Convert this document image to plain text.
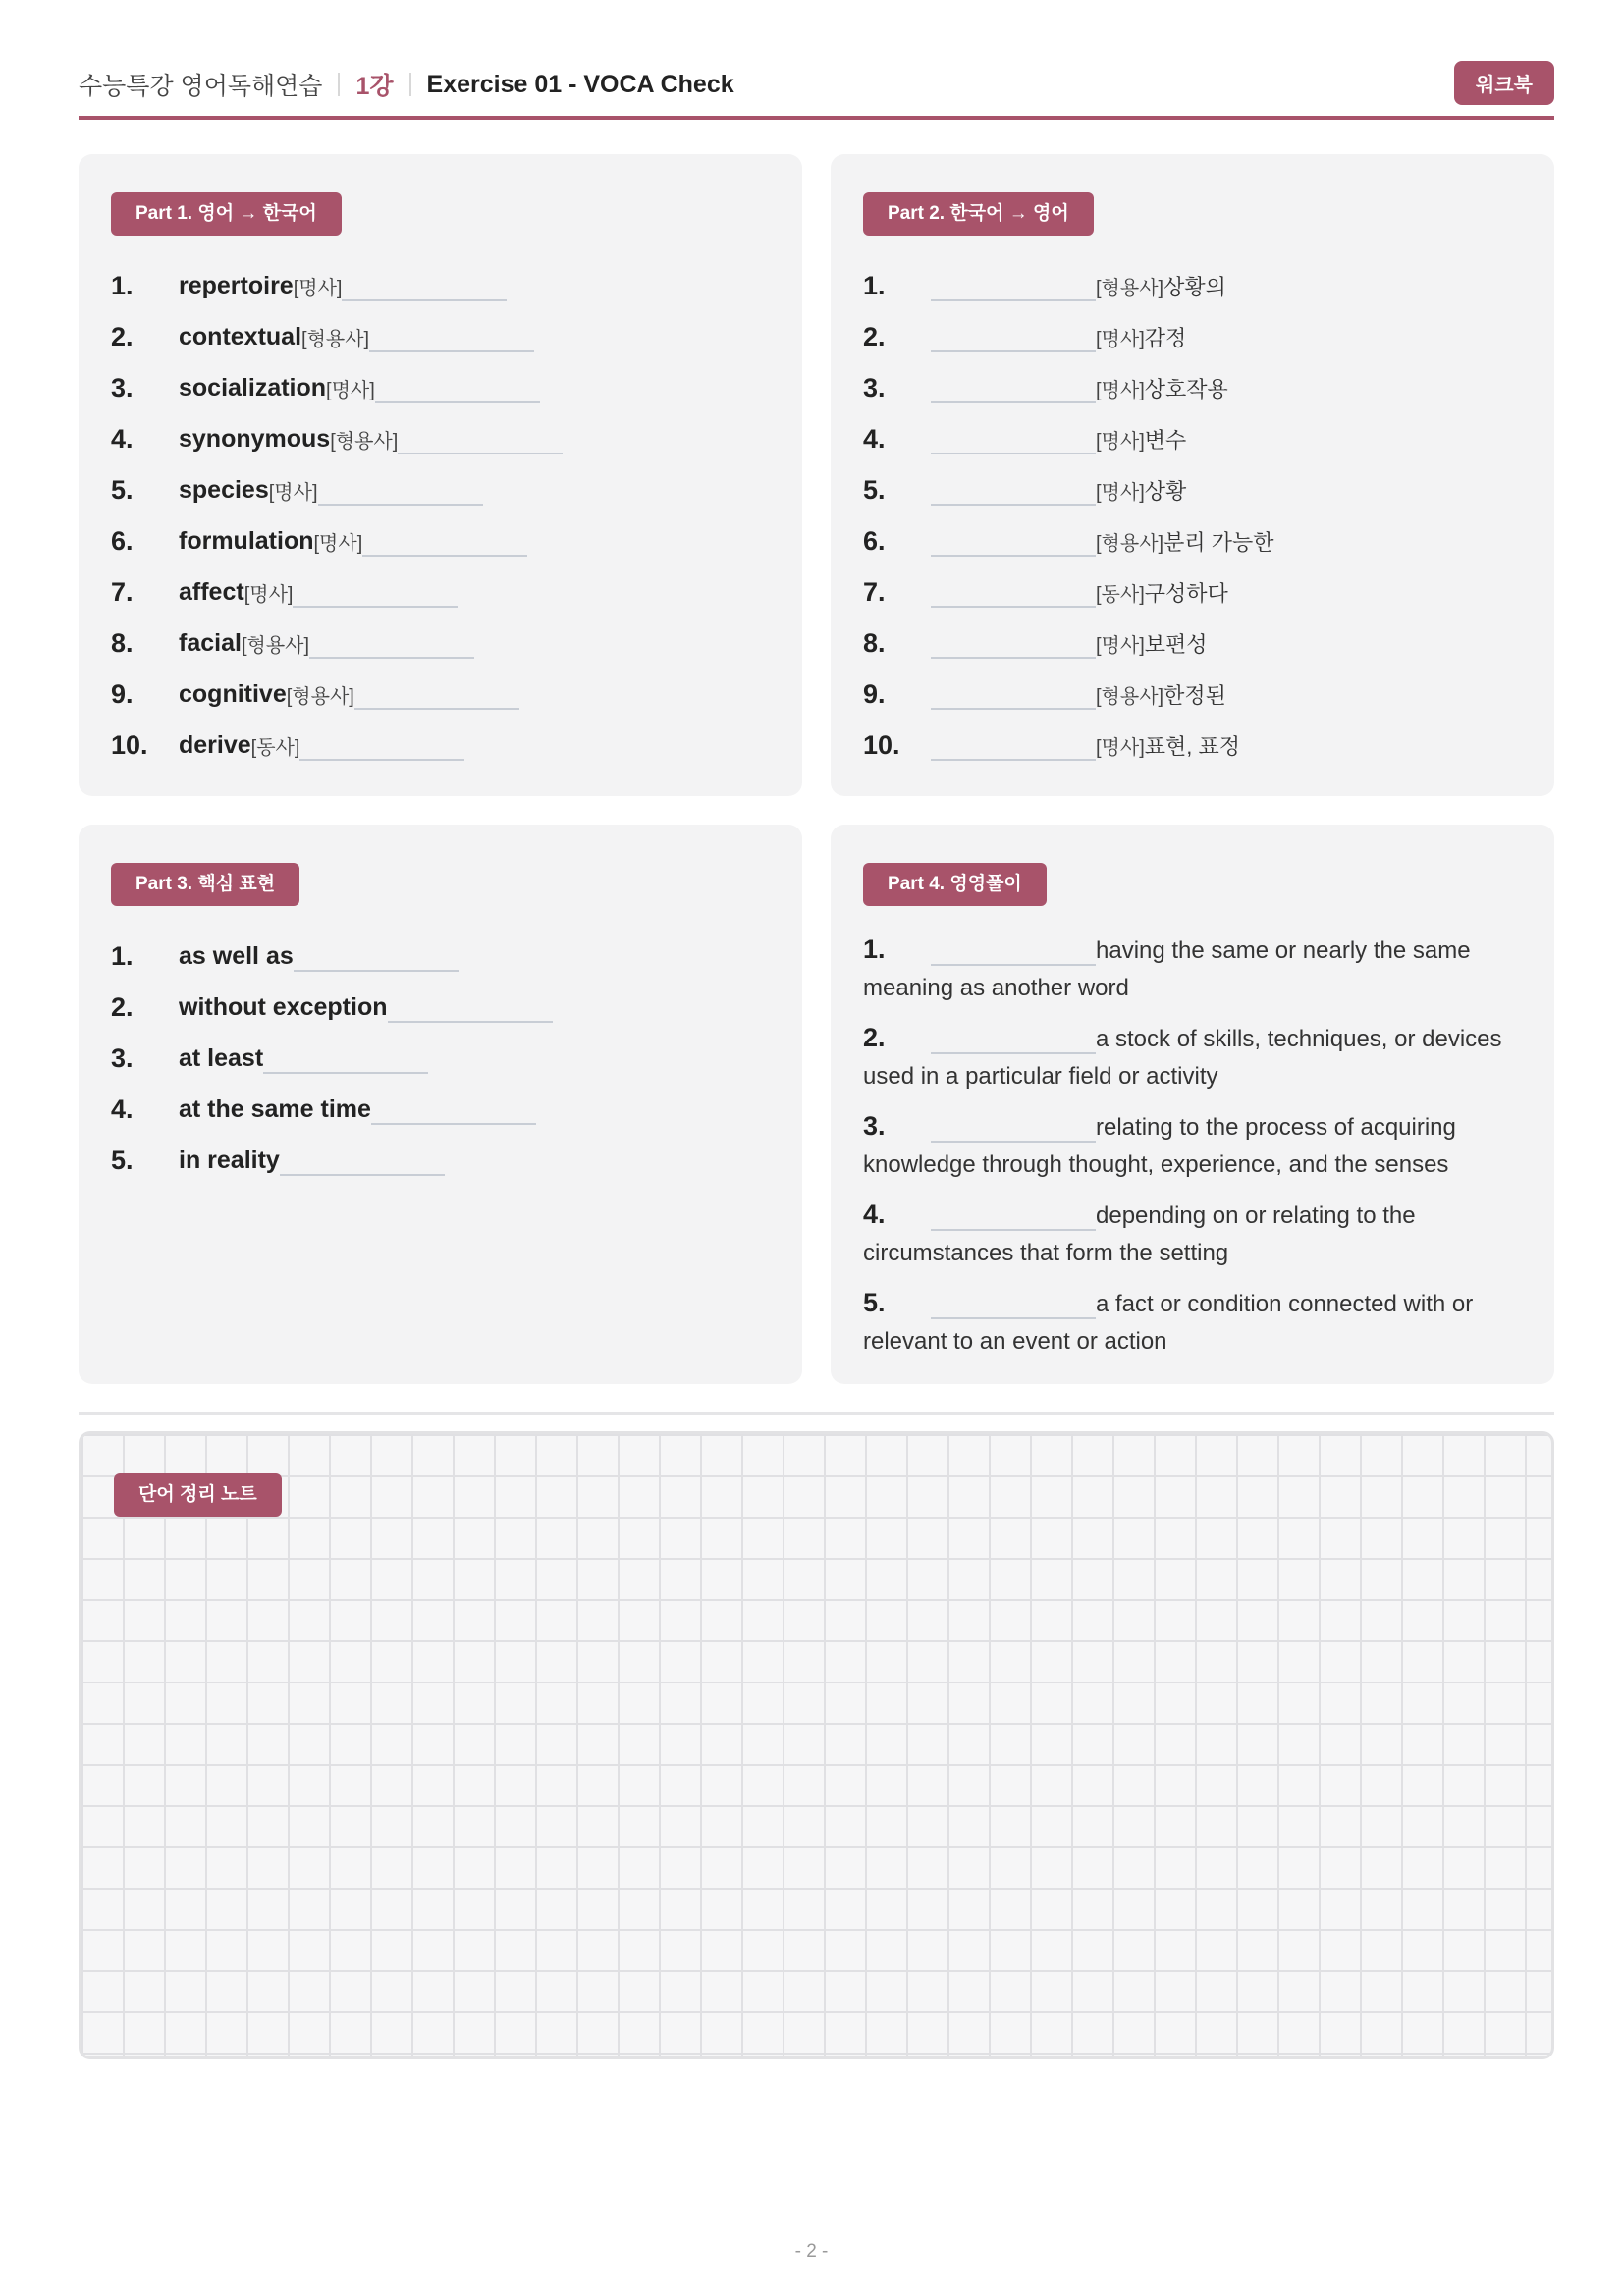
수능특강 영어독해연습 1강 Exercise 01 - VOCA Check	워크북
Part 1. 영어 → 한국어
1.	repertoire [명사]
2.	contextual [형용사]
3.	socialization [명사]
4.	synonymous [형용사]
5.	species [명사]
6.	formulation [명사]
7.	affect [명사]
8.	facial [형용사]
9.	cognitive [형용사]
10.	derive [동사]
Part 2. 한국어 → 영어
1.	[형용사] 상황의
2.	[명사] 감정
3.	[명사] 상호작용
4.	[명사] 변수
5.	[명사] 상황
6.	[형용사] 분리 가능한
7.	[동사] 구성하다
8.	[명사] 보편성
9.	[형용사] 한정된
10.	[명사] 표현, 표정
Part 3. 핵심 표현
1.	as well as
2.	without exception
3.	at least
4.	at the same time
5.	in reality
Part 4. 영영풀이
1.	having the same or nearly the same meaning as another word
2.	a stock of skills, techniques, or devices used in a particular field or activity
3.	relating to the process of acquiring knowledge through thought, experience, and the senses
4.	depending on or relating to the circumstances that form the setting
5.	a fact or condition connected with or relevant to an event or action
단어 정리 노트
- 2 -
